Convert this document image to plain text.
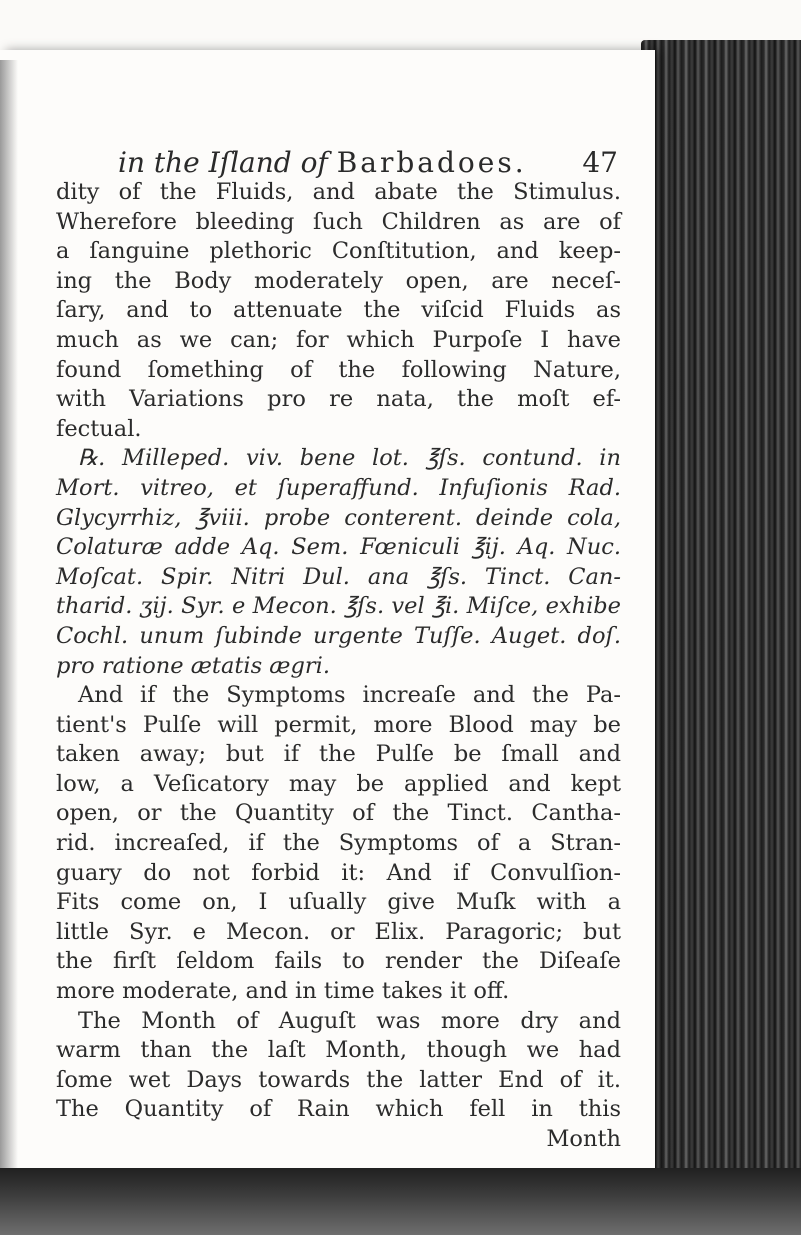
in the Iſland of Barbadoes. 47
dity of the Fluids, and abate the Stimulus.
Wherefore bleeding ſuch Children as are of
a ſanguine plethoric Conſtitution, and keep-
ing the Body moderately open, are neceſ-
ſary, and to attenuate the viſcid Fluids as
much as we can; for which Purpoſe I have
found ſomething of the following Nature,
with Variations pro re nata, the moſt ef-
fectual.
℞. Milleped. viv. bene lot. ℥ſs. contund. in
Mort. vitreo, et ſuperaffund. Infuſionis Rad.
Glycyrrhiz, ℥viii. probe conterent. deinde cola,
Colaturæ adde Aq. Sem. Fœniculi ℥ij. Aq. Nuc.
Moſcat. Spir. Nitri Dul. ana ℥ſs. Tinct. Can-
tharid. ʒij. Syr. e Mecon. ℥ſs. vel ℥i. Miſce, exhibe
Cochl. unum ſubinde urgente Tuſſe. Auget. doſ.
pro ratione ætatis ægri.
And if the Symptoms increaſe and the Pa-
tient's Pulſe will permit, more Blood may be
taken away; but if the Pulſe be ſmall and
low, a Veſicatory may be applied and kept
open, or the Quantity of the Tinct. Cantha-
rid. increaſed, if the Symptoms of a Stran-
guary do not forbid it: And if Convulſion-
Fits come on, I uſually give Muſk with a
little Syr. e Mecon. or Elix. Paragoric; but
the firſt ſeldom fails to render the Diſeaſe
more moderate, and in time takes it off.
The Month of Auguſt was more dry and
warm than the laſt Month, though we had
ſome wet Days towards the latter End of it.
The Quantity of Rain which fell in this
Month
